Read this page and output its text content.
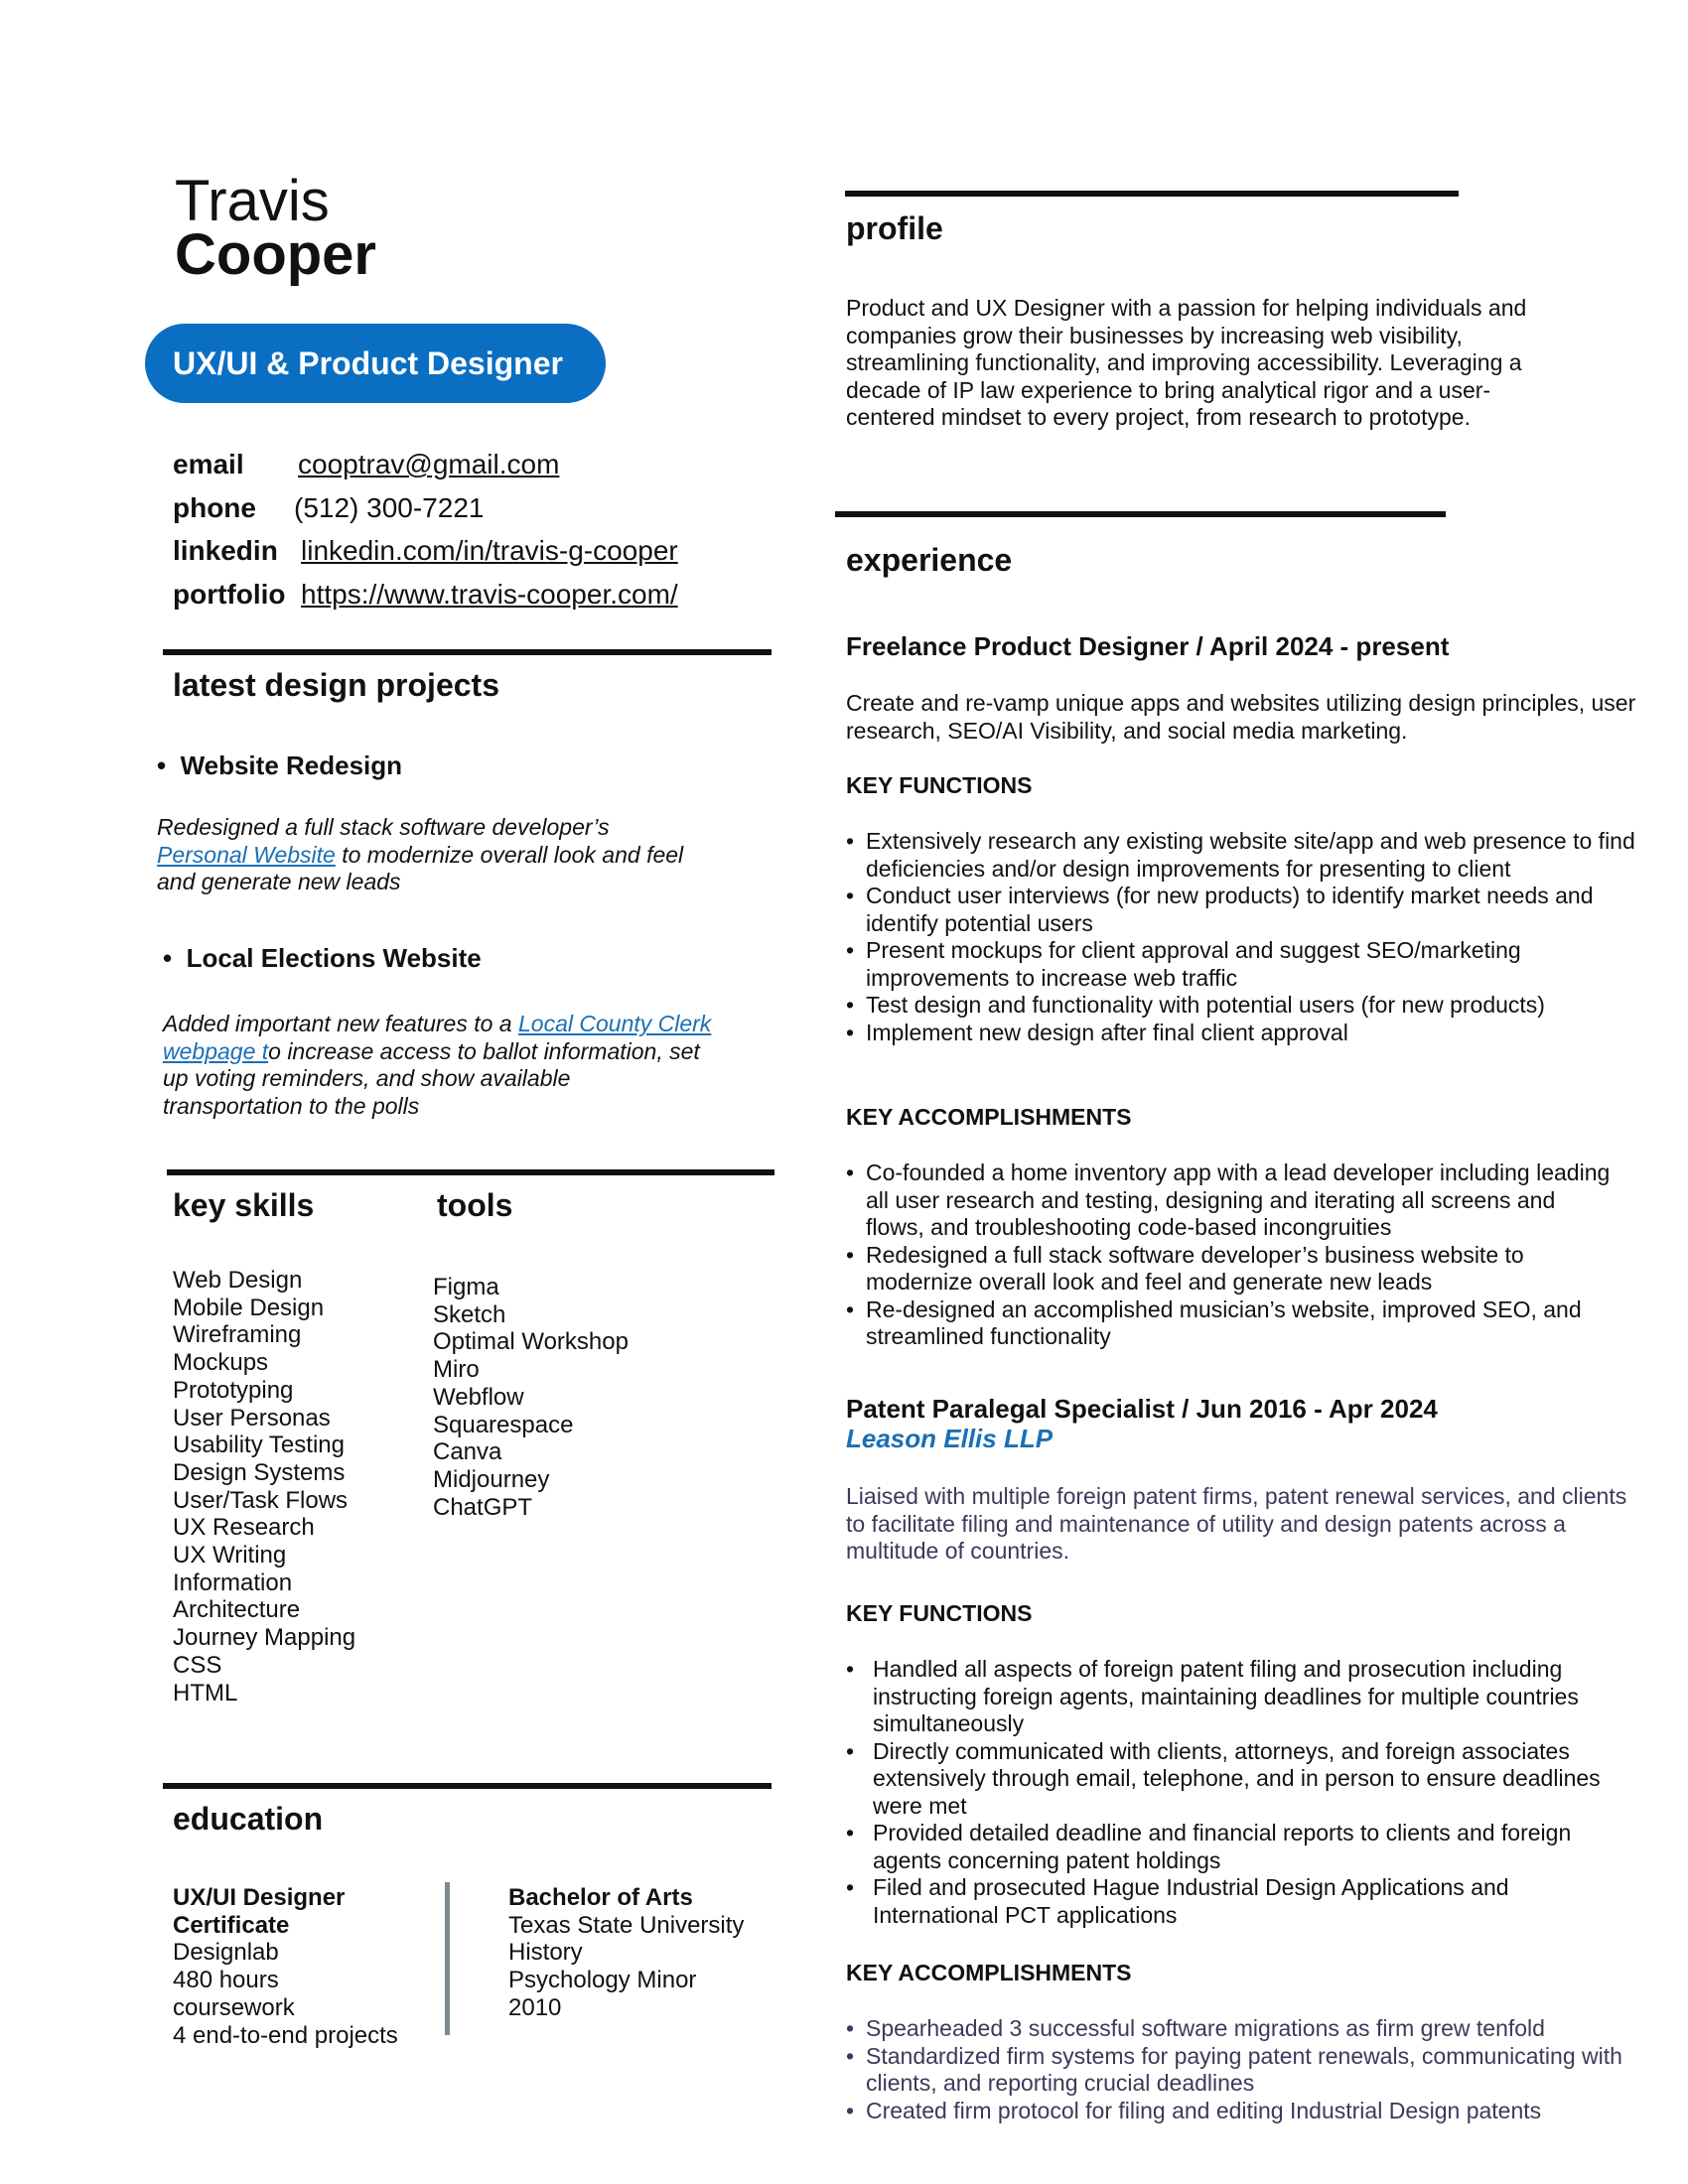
Travis
Cooper
UX/UI & Product Designer
email cooptrav@gmail.com
phone (512) 300-7221
linkedin linkedin.com/in/travis-g-cooper
portfolio https://www.travis-cooper.com/
latest design projects
•  Website Redesign
Redesigned a full stack software developer’s
Personal Website to modernize overall look and feel and generate new leads
•  Local Elections Website
Added important new features to a Local County Clerk webpage to increase access to ballot information, set up voting reminders, and show available transportation to the polls
key skills	tools
Web Design
Mobile Design
Wireframing
Mockups
Prototyping
User Personas
Usability Testing
Design Systems
User/Task Flows
UX Research
UX Writing
Information
Architecture
Journey Mapping
CSS
HTML
Figma
Sketch
Optimal Workshop
Miro
Webflow
Squarespace
Canva
Midjourney
ChatGPT
education
UX/UI Designer
Certificate
Designlab
480 hours
coursework
4 end-to-end projects
Bachelor of Arts
Texas State University
History
Psychology Minor
2010
profile
Product and UX Designer with a passion for helping individuals and companies grow their businesses by increasing web visibility, streamlining functionality, and improving accessibility. Leveraging a decade of IP law experience to bring analytical rigor and a user-centered mindset to every project, from research to prototype.
experience
Freelance Product Designer / April 2024 - present
Create and re-vamp unique apps and websites utilizing design principles, user research, SEO/AI Visibility, and social media marketing.
KEY FUNCTIONS
• Extensively research any existing website site/app and web presence to find deficiencies and/or design improvements for presenting to client
• Conduct user interviews (for new products) to identify market needs and identify potential users
• Present mockups for client approval and suggest SEO/marketing improvements to increase web traffic
• Test design and functionality with potential users (for new products)
• Implement new design after final client approval
KEY ACCOMPLISHMENTS
• Co-founded a home inventory app with a lead developer including leading all user research and testing, designing and iterating all screens and flows, and troubleshooting code-based incongruities
• Redesigned a full stack software developer’s business website to modernize overall look and feel and generate new leads
• Re-designed an accomplished musician’s website, improved SEO, and streamlined functionality
Patent Paralegal Specialist / Jun 2016 - Apr 2024
Leason Ellis LLP
Liaised with multiple foreign patent firms, patent renewal services, and clients to facilitate filing and maintenance of utility and design patents across a multitude of countries.
KEY FUNCTIONS
• Handled all aspects of foreign patent filing and prosecution including instructing foreign agents, maintaining deadlines for multiple countries simultaneously
• Directly communicated with clients, attorneys, and foreign associates extensively through email, telephone, and in person to ensure deadlines were met
• Provided detailed deadline and financial reports to clients and foreign agents concerning patent holdings
• Filed and prosecuted Hague Industrial Design Applications and International PCT applications
KEY ACCOMPLISHMENTS
• Spearheaded 3 successful software migrations as firm grew tenfold
• Standardized firm systems for paying patent renewals, communicating with clients, and reporting crucial deadlines
• Created firm protocol for filing and editing Industrial Design patents
